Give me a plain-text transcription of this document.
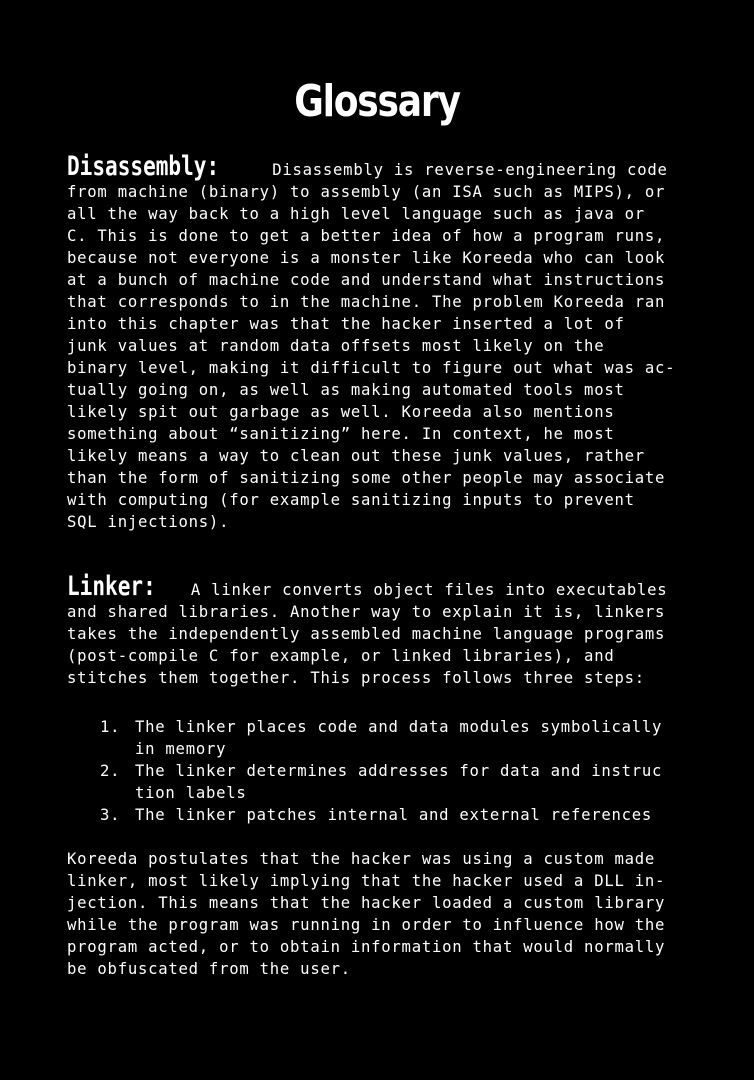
Glossary
Disassembly:	Disassembly is reverse-engineering code
from machine (binary) to assembly (an ISA such as MIPS), or
all the way back to a high level language such as java or
C. This is done to get a better idea of how a program runs,
because not everyone is a monster like Koreeda who can look
at a bunch of machine code and understand what instructions
that corresponds to in the machine. The problem Koreeda ran
into this chapter was that the hacker inserted a lot of
junk values at random data offsets most likely on the
binary level, making it difficult to figure out what was ac-
tually going on, as well as making automated tools most
likely spit out garbage as well. Koreeda also mentions
something about “sanitizing” here. In context, he most
likely means a way to clean out these junk values, rather
than the form of sanitizing some other people may associate
with computing (for example sanitizing inputs to prevent
SQL injections).
Linker: A linker converts object files into executables
and shared libraries. Another way to explain it is, linkers
takes the independently assembled machine language programs
(post-compile C for example, or linked libraries), and
stitches them together. This process follows three steps:
1. The linker places code and data modules symbolically
in memory
2. The linker determines addresses for data and instruc
tion labels
3. The linker patches internal and external references
Koreeda postulates that the hacker was using a custom made
linker, most likely implying that the hacker used a DLL in-
jection. This means that the hacker loaded a custom library
while the program was running in order to influence how the
program acted, or to obtain information that would normally
be obfuscated from the user.
